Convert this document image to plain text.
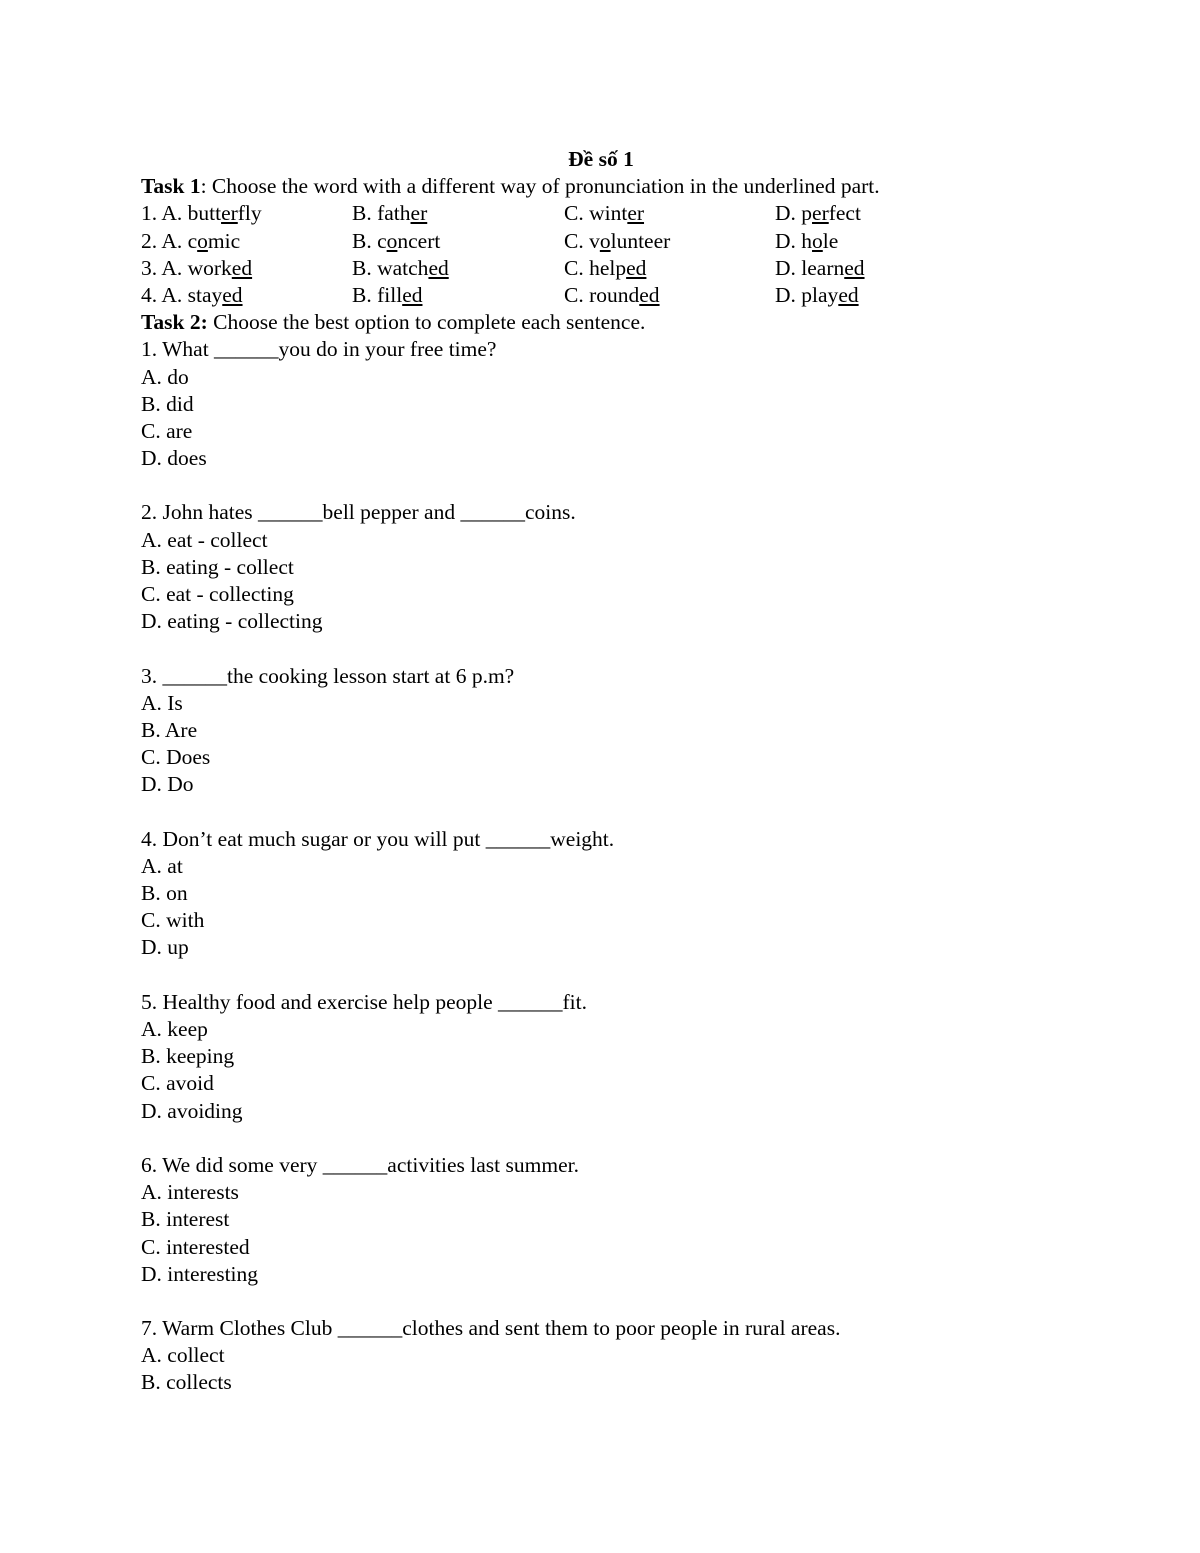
Đề số 1
Task 1: Choose the word with a different way of pronunciation in the underlined part.
1. A. butterfly	B. father	C. winter	D. perfect
2. A. comic	B. concert	C. volunteer	D. hole
3. A. worked	B. watched	C. helped	D. learned
4. A. stayed	B. filled	C. rounded	D. played
Task 2: Choose the best option to complete each sentence.
1. What ______you do in your free time?
A. do
B. did
C. are
D. does
2. John hates ______bell pepper and ______coins.
A. eat - collect
B. eating - collect
C. eat - collecting
D. eating - collecting
3. ______the cooking lesson start at 6 p.m?
A. Is
B. Are
C. Does
D. Do
4. Don’t eat much sugar or you will put ______weight.
A. at
B. on
C. with
D. up
5. Healthy food and exercise help people ______fit.
A. keep
B. keeping
C. avoid
D. avoiding
6. We did some very ______activities last summer.
A. interests
B. interest
C. interested
D. interesting
7. Warm Clothes Club ______clothes and sent them to poor people in rural areas.
A. collect
B. collects
